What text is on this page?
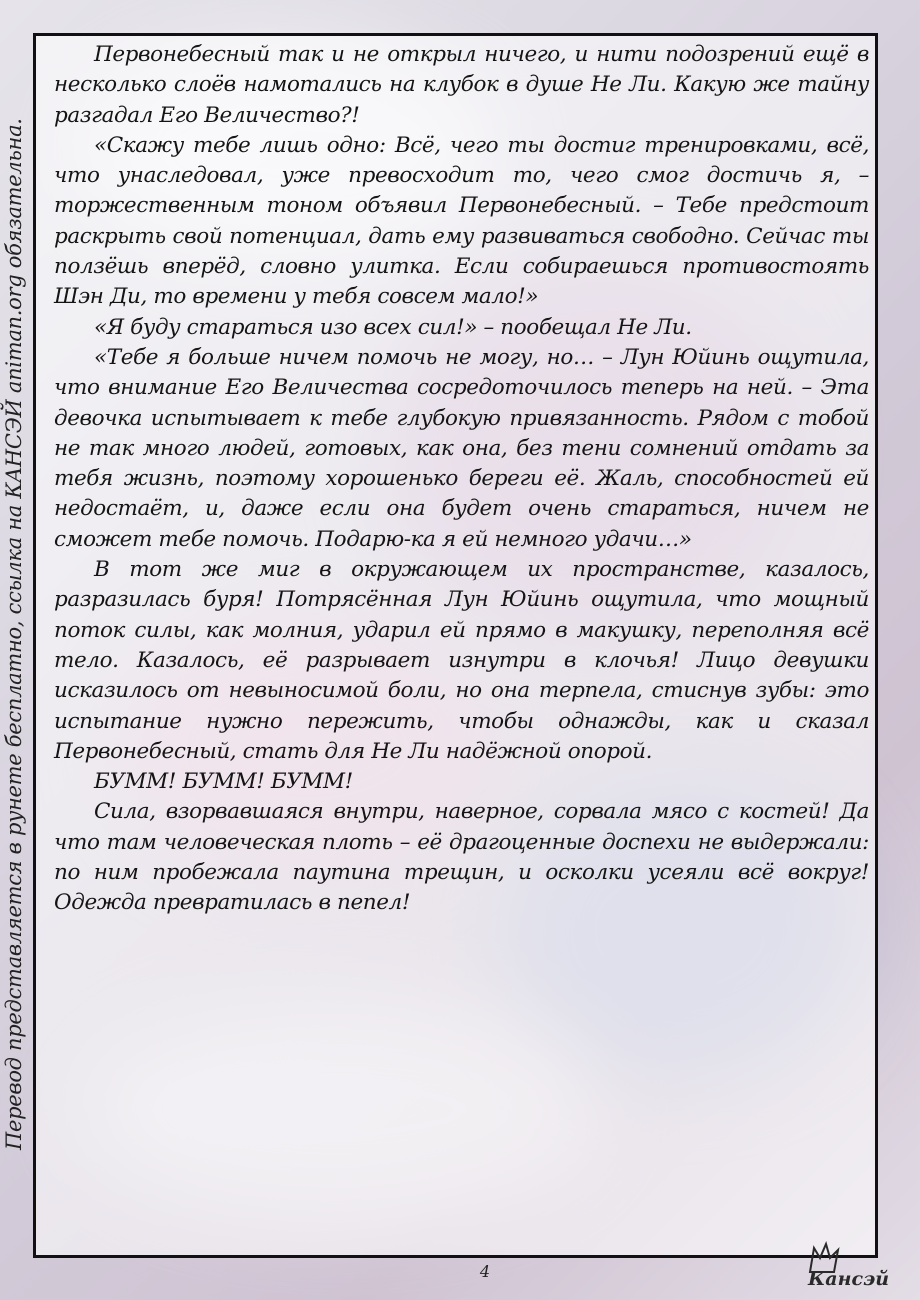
Первонебесный так и не открыл ничего, и нити подозрений ещё в несколько слоёв намотались на клубок в душе Не Ли. Какую же тайну разгадал Его Величество?!

«Скажу тебе лишь одно: Всё, чего ты достиг тренировками, всё, что унаследовал, уже превосходит то, чего смог достичь я, – торжественным тоном объявил Первонебесный. – Тебе предстоит раскрыть свой потенциал, дать ему развиваться свободно. Сейчас ты ползёшь вперёд, словно улитка. Если собираешься противостоять Шэн Ди, то времени у тебя совсем мало!»

«Я буду стараться изо всех сил!» – пообещал Не Ли.

«Тебе я больше ничем помочь не могу, но… – Лун Юйинь ощутила, что внимание Его Величества сосредоточилось теперь на ней. – Эта девочка испытывает к тебе глубокую привязанность. Рядом с тобой не так много людей, готовых, как она, без тени сомнений отдать за тебя жизнь, поэтому хорошенько береги её. Жаль, способностей ей недостаёт, и, даже если она будет очень стараться, ничем не сможет тебе помочь. Подарю-ка я ей немного удачи…»

В тот же миг в окружающем их пространстве, казалось, разразилась буря! Потрясённая Лун Юйинь ощутила, что мощный поток силы, как молния, ударил ей прямо в макушку, переполняя всё тело. Казалось, её разрывает изнутри в клочья! Лицо девушки исказилось от невыносимой боли, но она терпела, стиснув зубы: это испытание нужно пережить, чтобы однажды, как и сказал Первонебесный, стать для Не Ли надёжной опорой.

БУММ! БУММ! БУММ!

Сила, взорвавшаяся внутри, наверное, сорвала мясо с костей! Да что там человеческая плоть – её драгоценные доспехи не выдержали: по ним пробежала паутина трещин, и осколки усеяли всё вокруг! Одежда превратилась в пепел!

Перевод представляется в рунете бесплатно, ссылка на КАНСЭЙ animan.org обязательна.
4	Кансэй
